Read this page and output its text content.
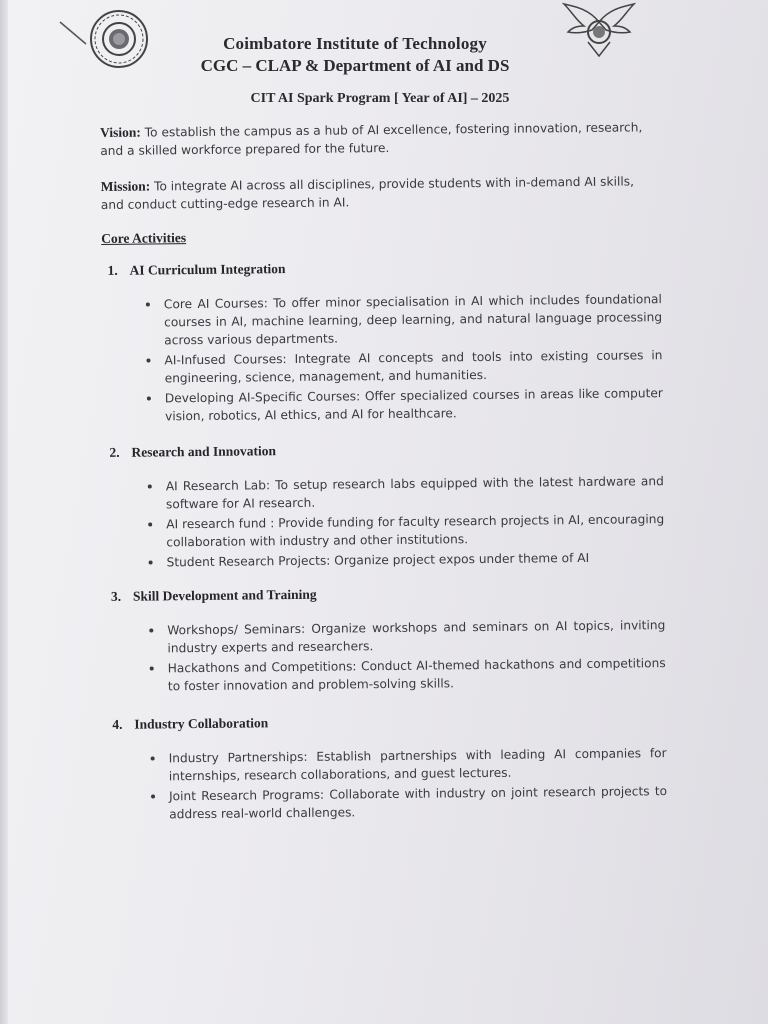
Coimbatore Institute of Technology
CGC – CLAP & Department of AI and DS
CIT AI Spark Program [ Year of AI] – 2025

Vision: To establish the campus as a hub of AI excellence, fostering innovation, research, and a skilled workforce prepared for the future.

Mission: To integrate AI across all disciplines, provide students with in-demand AI skills, and conduct cutting-edge research in AI.

Core Activities

1. AI Curriculum Integration
Core AI Courses: To offer minor specialisation in AI which includes foundational courses in AI, machine learning, deep learning, and natural language processing across various departments.
AI-Infused Courses: Integrate AI concepts and tools into existing courses in engineering, science, management, and humanities.
Developing AI-Specific Courses: Offer specialized courses in areas like computer vision, robotics, AI ethics, and AI for healthcare.
2. Research and Innovation
AI Research Lab: To setup research labs equipped with the latest hardware and software for AI research.
AI research fund : Provide funding for faculty research projects in AI, encouraging collaboration with industry and other institutions.
Student Research Projects: Organize project expos under theme of AI
3. Skill Development and Training
Workshops/ Seminars: Organize workshops and seminars on AI topics, inviting industry experts and researchers.
Hackathons and Competitions: Conduct AI-themed hackathons and competitions to foster innovation and problem-solving skills.
4. Industry Collaboration
Industry Partnerships: Establish partnerships with leading AI companies for internships, research collaborations, and guest lectures.
Joint Research Programs: Collaborate with industry on joint research projects to address real-world challenges.
